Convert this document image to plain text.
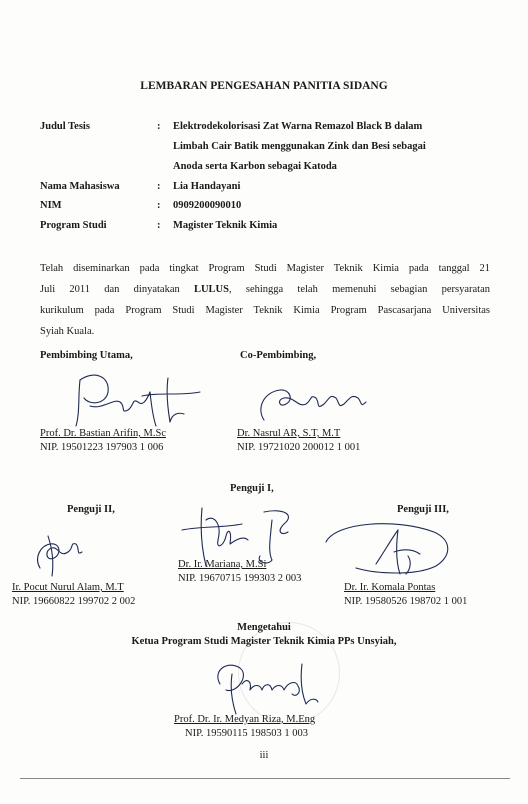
LEMBARAN PENGESAHAN PANITIA SIDANG
Judul Tesis	: Elektrodekolorisasi Zat Warna Remazol Black B dalam
Limbah Cair Batik menggunakan Zink dan Besi sebagai
Anoda serta Karbon sebagai Katoda
Nama Mahasiswa	: Lia Handayani
NIM	: 0909200090010
Program Studi	: Magister Teknik Kimia
Telah diseminarkan pada tingkat Program Studi Magister Teknik Kimia pada tanggal 21
Juli 2011 dan dinyatakan LULUS, sehingga telah memenuhi sebagian persyaratan
kurikulum pada Program Studi Magister Teknik Kimia Program Pascasarjana Universitas
Syiah Kuala.
Pembimbing Utama,
Prof. Dr. Bastian Arifin, M.Sc
NIP. 19501223 197903 1 006
Co-Pembimbing,
Dr. Nasrul AR, S.T, M.T
NIP. 19721020 200012 1 001
Penguji I,
Dr. Ir. Mariana, M.Si
NIP. 19670715 199303 2 003
Penguji II,
Ir. Pocut Nurul Alam, M.T
NIP. 19660822 199702 2 002
Penguji III,
Dr. Ir. Komala Pontas
NIP. 19580526 198702 1 001
Mengetahui
Ketua Program Studi Magister Teknik Kimia PPs Unsyiah,
Prof. Dr. Ir. Medyan Riza, M.Eng
NIP. 19590115 198503 1 003
iii
